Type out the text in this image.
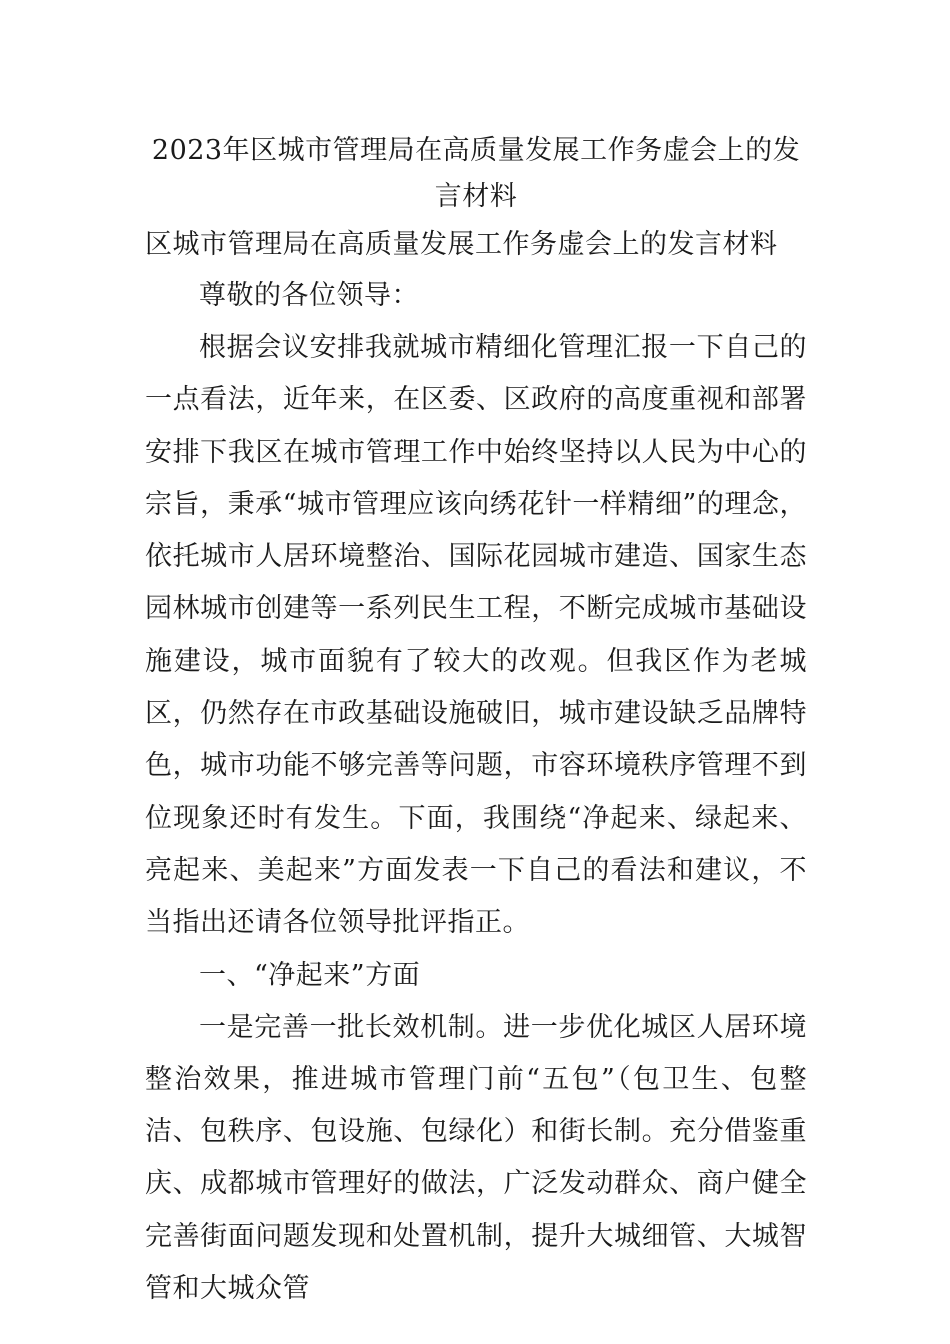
2023年区城市管理局在高质量发展工作务虚会上的发言材料

区城市管理局在高质量发展工作务虚会上的发言材料

尊敬的各位领导：

根据会议安排我就城市精细化管理汇报一下自己的一点看法，近年来，在区委、区政府的高度重视和部署安排下我区在城市管理工作中始终坚持以人民为中心的宗旨，秉承“城市管理应该向绣花针一样精细”的理念，依托城市人居环境整治、国际花园城市建造、国家生态园林城市创建等一系列民生工程，不断完成城市基础设施建设，城市面貌有了较大的改观。但我区作为老城区，仍然存在市政基础设施破旧，城市建设缺乏品牌特色，城市功能不够完善等问题，市容环境秩序管理不到位现象还时有发生。下面，我围绕“净起来、绿起来、亮起来、美起来”方面发表一下自己的看法和建议，不当指出还请各位领导批评指正。

一、“净起来”方面

一是完善一批长效机制。进一步优化城区人居环境整治效果，推进城市管理门前“五包”（包卫生、包整洁、包秩序、包设施、包绿化）和街长制。充分借鉴重庆、成都城市管理好的做法，广泛发动群众、商户健全完善街面问题发现和处置机制，提升大城细管、大城智管和大城众管
